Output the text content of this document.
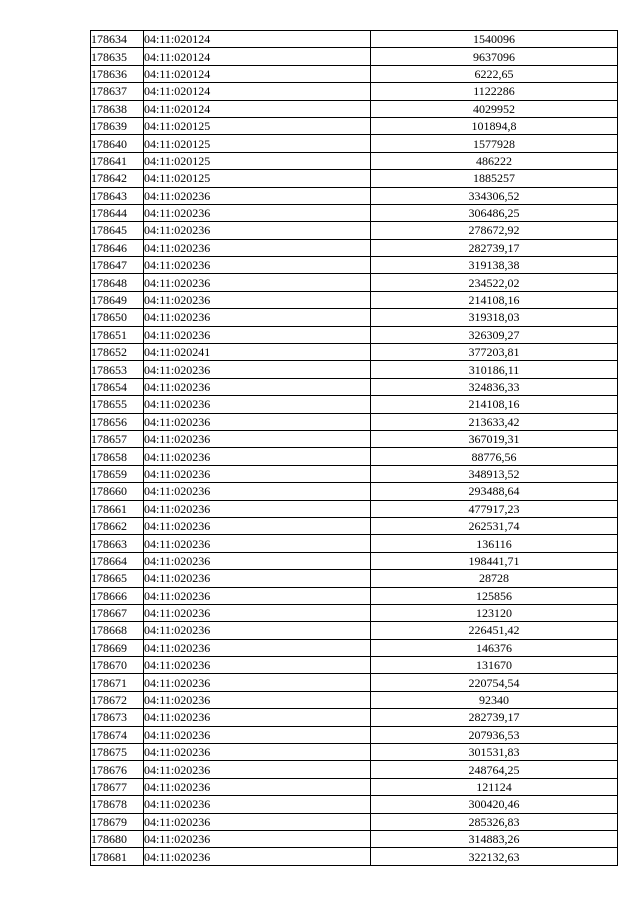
178634	04:11:020124	1540096
178635	04:11:020124	9637096
178636	04:11:020124	6222,65
178637	04:11:020124	1122286
178638	04:11:020124	4029952
178639	04:11:020125	101894,8
178640	04:11:020125	1577928
178641	04:11:020125	486222
178642	04:11:020125	1885257
178643	04:11:020236	334306,52
178644	04:11:020236	306486,25
178645	04:11:020236	278672,92
178646	04:11:020236	282739,17
178647	04:11:020236	319138,38
178648	04:11:020236	234522,02
178649	04:11:020236	214108,16
178650	04:11:020236	319318,03
178651	04:11:020236	326309,27
178652	04:11:020241	377203,81
178653	04:11:020236	310186,11
178654	04:11:020236	324836,33
178655	04:11:020236	214108,16
178656	04:11:020236	213633,42
178657	04:11:020236	367019,31
178658	04:11:020236	88776,56
178659	04:11:020236	348913,52
178660	04:11:020236	293488,64
178661	04:11:020236	477917,23
178662	04:11:020236	262531,74
178663	04:11:020236	136116
178664	04:11:020236	198441,71
178665	04:11:020236	28728
178666	04:11:020236	125856
178667	04:11:020236	123120
178668	04:11:020236	226451,42
178669	04:11:020236	146376
178670	04:11:020236	131670
178671	04:11:020236	220754,54
178672	04:11:020236	92340
178673	04:11:020236	282739,17
178674	04:11:020236	207936,53
178675	04:11:020236	301531,83
178676	04:11:020236	248764,25
178677	04:11:020236	121124
178678	04:11:020236	300420,46
178679	04:11:020236	285326,83
178680	04:11:020236	314883,26
178681	04:11:020236	322132,63
